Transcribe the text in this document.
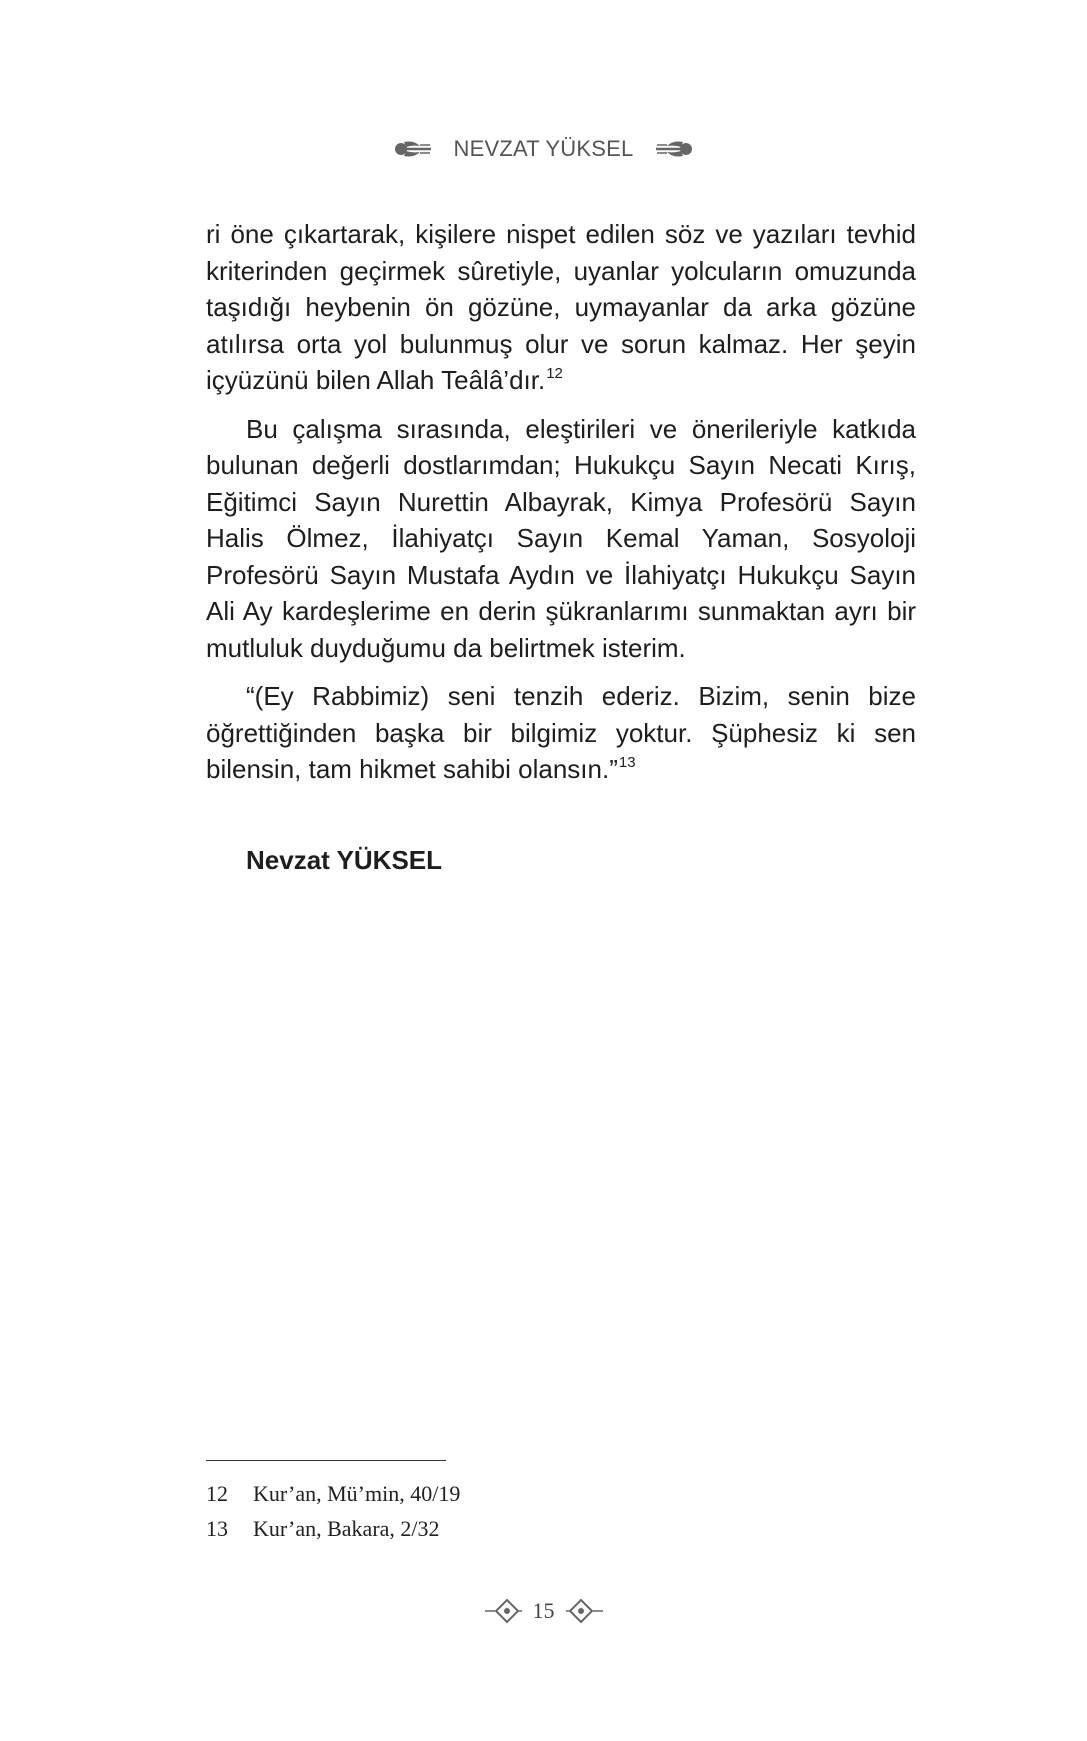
NEVZAT YÜKSEL

ri öne çıkartarak, kişilere nispet edilen söz ve yazıları tevhid kriterinden geçirmek sûretiyle, uyanlar yolcuların omuzunda taşıdığı heybenin ön gözüne, uymayanlar da arka gözüne atılırsa orta yol bulunmuş olur ve sorun kalmaz. Her şeyin içyüzünü bilen Allah Teâlâ’dır.$^{12}$

Bu çalışma sırasında, eleştirileri ve önerileriyle katkıda bulunan değerli dostlarımdan; Hukukçu Sayın Necati Kırış, Eğitimci Sayın Nurettin Albayrak, Kimya Profesörü Sayın Halis Ölmez, İlahiyatçı Sayın Kemal Yaman, Sosyoloji Profesörü Sayın Mustafa Aydın ve İlahiyatçı Hukukçu Sayın Ali Ay kardeşlerime en derin şükranlarımı sunmaktan ayrı bir mutluluk duyduğumu da belirtmek isterim.

“(Ey Rabbimiz) seni tenzih ederiz. Bizim, senin bize öğrettiğinden başka bir bilgimiz yoktur. Şüphesiz ki sen bilensin, tam hikmet sahibi olansın.”$^{13}$

Nevzat YÜKSEL
12	Kur’an, Mü’min, 40/19
13	Kur’an, Bakara, 2/32
15
